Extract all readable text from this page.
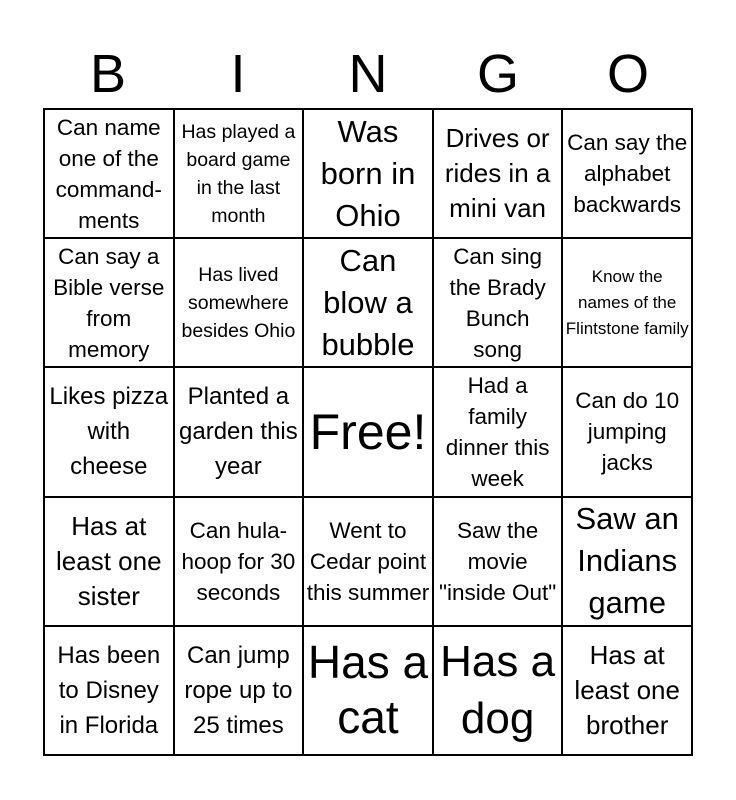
B	I	N	G	O
Can name one of the command-ments
Has played a board game in the last month
Was born in Ohio
Drives or rides in a mini van
Can say the alphabet backwards
Can say a Bible verse from memory
Has lived somewhere besides Ohio
Can blow a bubble
Can sing the Brady Bunch song
Know the names of the Flintstone family
Likes pizza with cheese
Planted a garden this year
Free!
Had a family dinner this week
Can do 10 jumping jacks
Has at least one sister
Can hula-hoop for 30 seconds
Went to Cedar point this summer
Saw the movie "inside Out"
Saw an Indians game
Has been to Disney in Florida
Can jump rope up to 25 times
Has a cat
Has a dog
Has at least one brother
